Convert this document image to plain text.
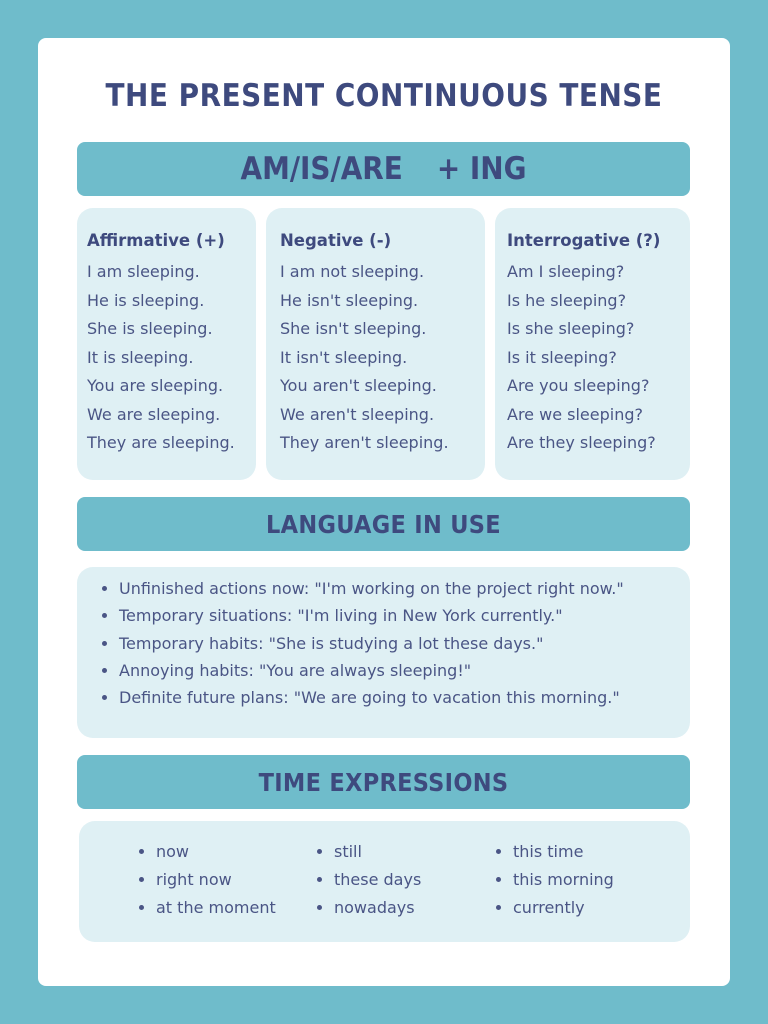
THE PRESENT CONTINUOUS TENSE
AM/IS/ARE + ING
Affirmative (+)
I am sleeping.
He is sleeping.
She is sleeping.
It is sleeping.
You are sleeping.
We are sleeping.
They are sleeping.
Negative (-)
I am not sleeping.
He isn't sleeping.
She isn't sleeping.
It isn't sleeping.
You aren't sleeping.
We aren't sleeping.
They aren't sleeping.
Interrogative (?)
Am I sleeping?
Is he sleeping?
Is she sleeping?
Is it sleeping?
Are you sleeping?
Are we sleeping?
Are they sleeping?
LANGUAGE IN USE
• Unfinished actions now: "I'm working on the project right now."
• Temporary situations: "I'm living in New York currently."
• Temporary habits: "She is studying a lot these days."
• Annoying habits: "You are always sleeping!"
• Definite future plans: "We are going to vacation this morning."
TIME EXPRESSIONS
• now
• right now
• at the moment
• still
• these days
• nowadays
• this time
• this morning
• currently
